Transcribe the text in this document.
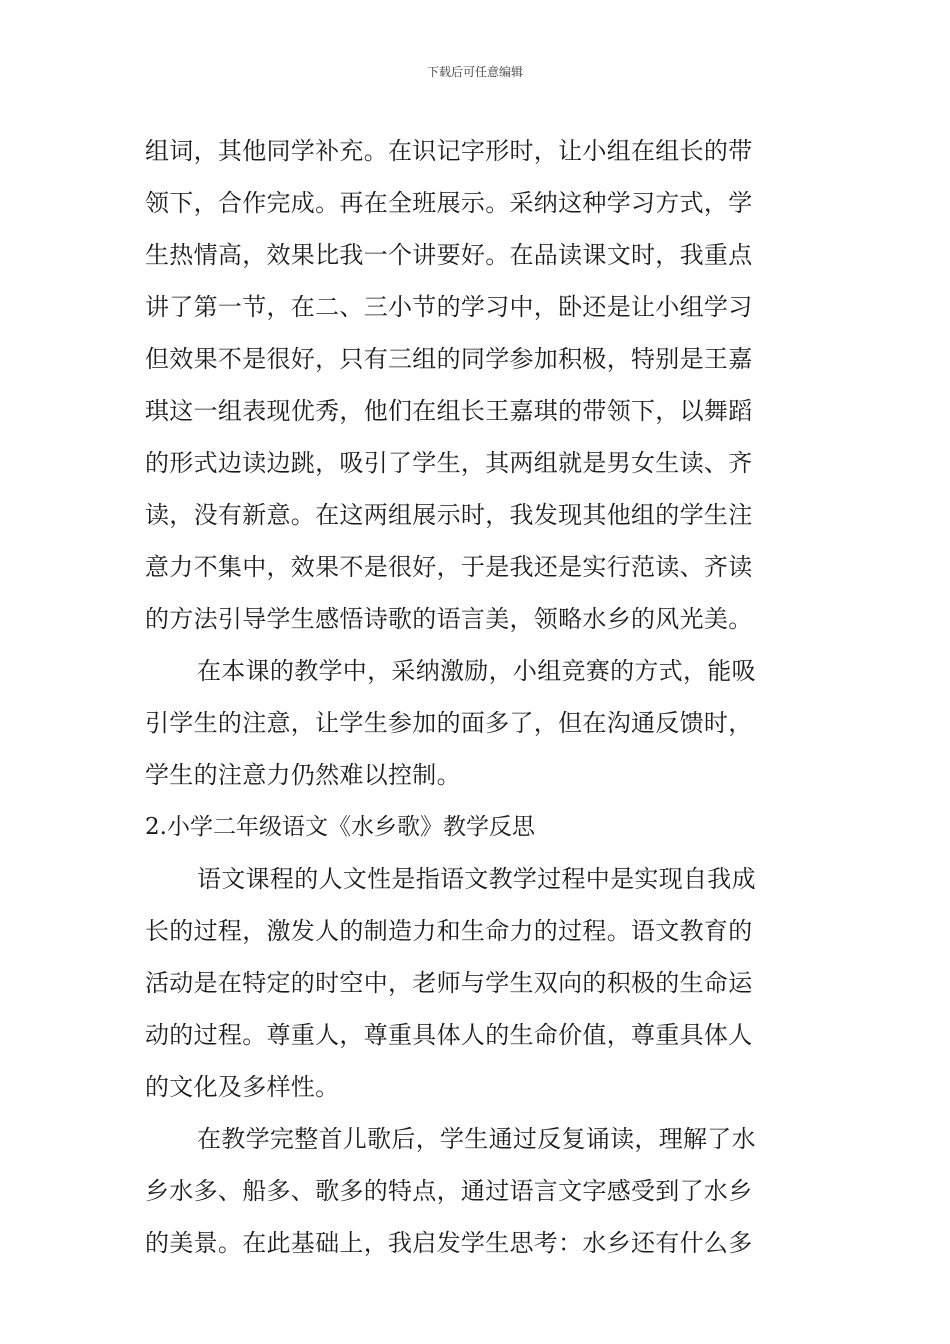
下载后可任意编辑
组词，其他同学补充。在识记字形时，让小组在组长的带
领下，合作完成。再在全班展示。采纳这种学习方式，学
生热情高，效果比我一个讲要好。在品读课文时，我重点
讲了第一节，在二、三小节的学习中，卧还是让小组学习
但效果不是很好，只有三组的同学参加积极，特别是王嘉
琪这一组表现优秀，他们在组长王嘉琪的带领下，以舞蹈
的形式边读边跳，吸引了学生，其两组就是男女生读、齐
读，没有新意。在这两组展示时，我发现其他组的学生注
意力不集中，效果不是很好，于是我还是实行范读、齐读
的方法引导学生感悟诗歌的语言美，领略水乡的风光美。
在本课的教学中，采纳激励，小组竞赛的方式，能吸
引学生的注意，让学生参加的面多了，但在沟通反馈时，
学生的注意力仍然难以控制。
2.小学二年级语文《水乡歌》教学反思
语文课程的人文性是指语文教学过程中是实现自我成
长的过程，激发人的制造力和生命力的过程。语文教育的
活动是在特定的时空中，老师与学生双向的积极的生命运
动的过程。尊重人，尊重具体人的生命价值，尊重具体人
的文化及多样性。
在教学完整首儿歌后，学生通过反复诵读，理解了水
乡水多、船多、歌多的特点，通过语言文字感受到了水乡
的美景。在此基础上，我启发学生思考：水乡还有什么多
